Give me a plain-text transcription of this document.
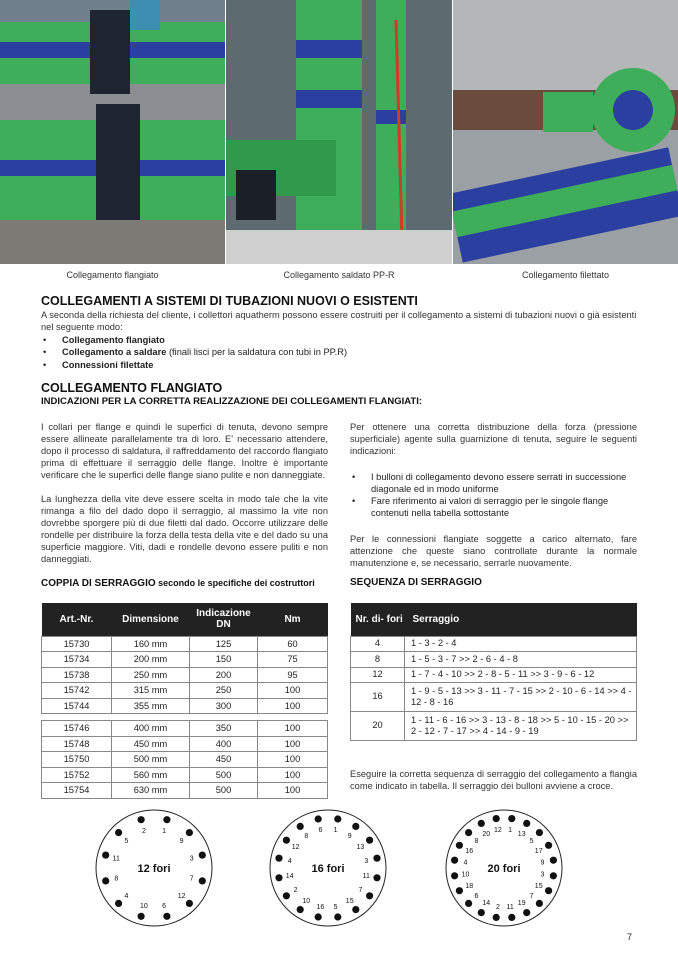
Collegamento flangiato	Collegamento saldato PP-R	Collegamento filettato
COLLEGAMENTI A SISTEMI DI TUBAZIONI NUOVI O ESISTENTI
A seconda della richiesta del cliente, i collettori aquatherm possono essere costruiti per il collegamento a sistemi di tubazioni nuovi o già esistenti nel seguente modo:
• Collegamento flangiato
• Collegamento a saldare (finali lisci per la saldatura con tubi in PP.R)
• Connessioni filettate
COLLEGAMENTO FLANGIATO
INDICAZIONI PER LA CORRETTA REALIZZAZIONE DEI COLLEGAMENTI FLANGIATI:
I collari per flange e quindi le superfici di tenuta, devono sempre essere allineate parallelamente tra di loro. E' necessario attendere, dopo il processo di saldatura, il raffreddamento del raccordo flangiato prima di effettuare il serraggio delle flange. Inoltre è importante verificare che le superfici delle flange siano pulite e non danneggiate.
La lunghezza della vite deve essere scelta in modo tale che la vite rimanga a filo del dado dopo il serraggio, al massimo la vite non dovrebbe sporgere più di due filetti dal dado. Occorre utilizzare delle rondelle per distribuire la forza della testa della vite e del dado su una superficie maggiore. Viti, dadi e rondelle devono essere puliti e non danneggiati.
Per ottenere una corretta distribuzione della forza (pressione superficiale) agente sulla guarnizione di tenuta, seguire le seguenti indicazioni:
• I bulloni di collegamento devono essere serrati in successione diagonale ed in modo uniforme
• Fare riferimento ai valori di serraggio per le singole flange contenuti nella tabella sottostante
Per le connessioni flangiate soggette a carico alternato, fare attenzione che queste siano controllate durante la normale manutenzione e, se necessario, serrarle nuovamente.
COPPIA DI SERRAGGIO secondo le specifiche dei costruttori
Art.-Nr.	Dimensione	Indicazione DN	Nm
15730	160 mm	125	60
15734	200 mm	150	75
15738	250 mm	200	95
15742	315 mm	250	100
15744	355 mm	300	100

15746	400 mm	350	100
15748	450 mm	400	100
15750	500 mm	450	100
15752	560 mm	500	100
15754	630 mm	500	100
SEQUENZA DI SERRAGGIO
Nr. di- fori	Serraggio
4	1 - 3 - 2 - 4
8	1 - 5 - 3 - 7 >> 2 - 6 - 4 - 8
12	1 - 7 - 4 - 10 >> 2 - 8 - 5 - 11 >> 3 - 9 - 6 - 12
16	1 - 9 - 5 - 13 >> 3 - 11 - 7 - 15 >> 2 - 10 - 6 - 14 >> 4 - 12 - 8 - 16
20	1 - 11 - 6 - 16 >> 3 - 13 - 8 - 18 >> 5 - 10 - 15 - 20 >> 2 - 12 - 7 - 17 >> 4 - 14 - 9 - 19
Eseguire la corretta sequenza di serraggio del collegamento a flangia come indicato in tabella. Il serraggio dei bulloni avviene a croce.
1
9
3
7
12
6
10
4
8
11
5
2
12 fori
1
9
13
3
11
7
15
5
16
10
2
14
4
12
8
6
16 fori
1
13
5
17
9
3
15
7
19
11
2
14
6
18
10
4
16
8
20
12
20 fori
7
